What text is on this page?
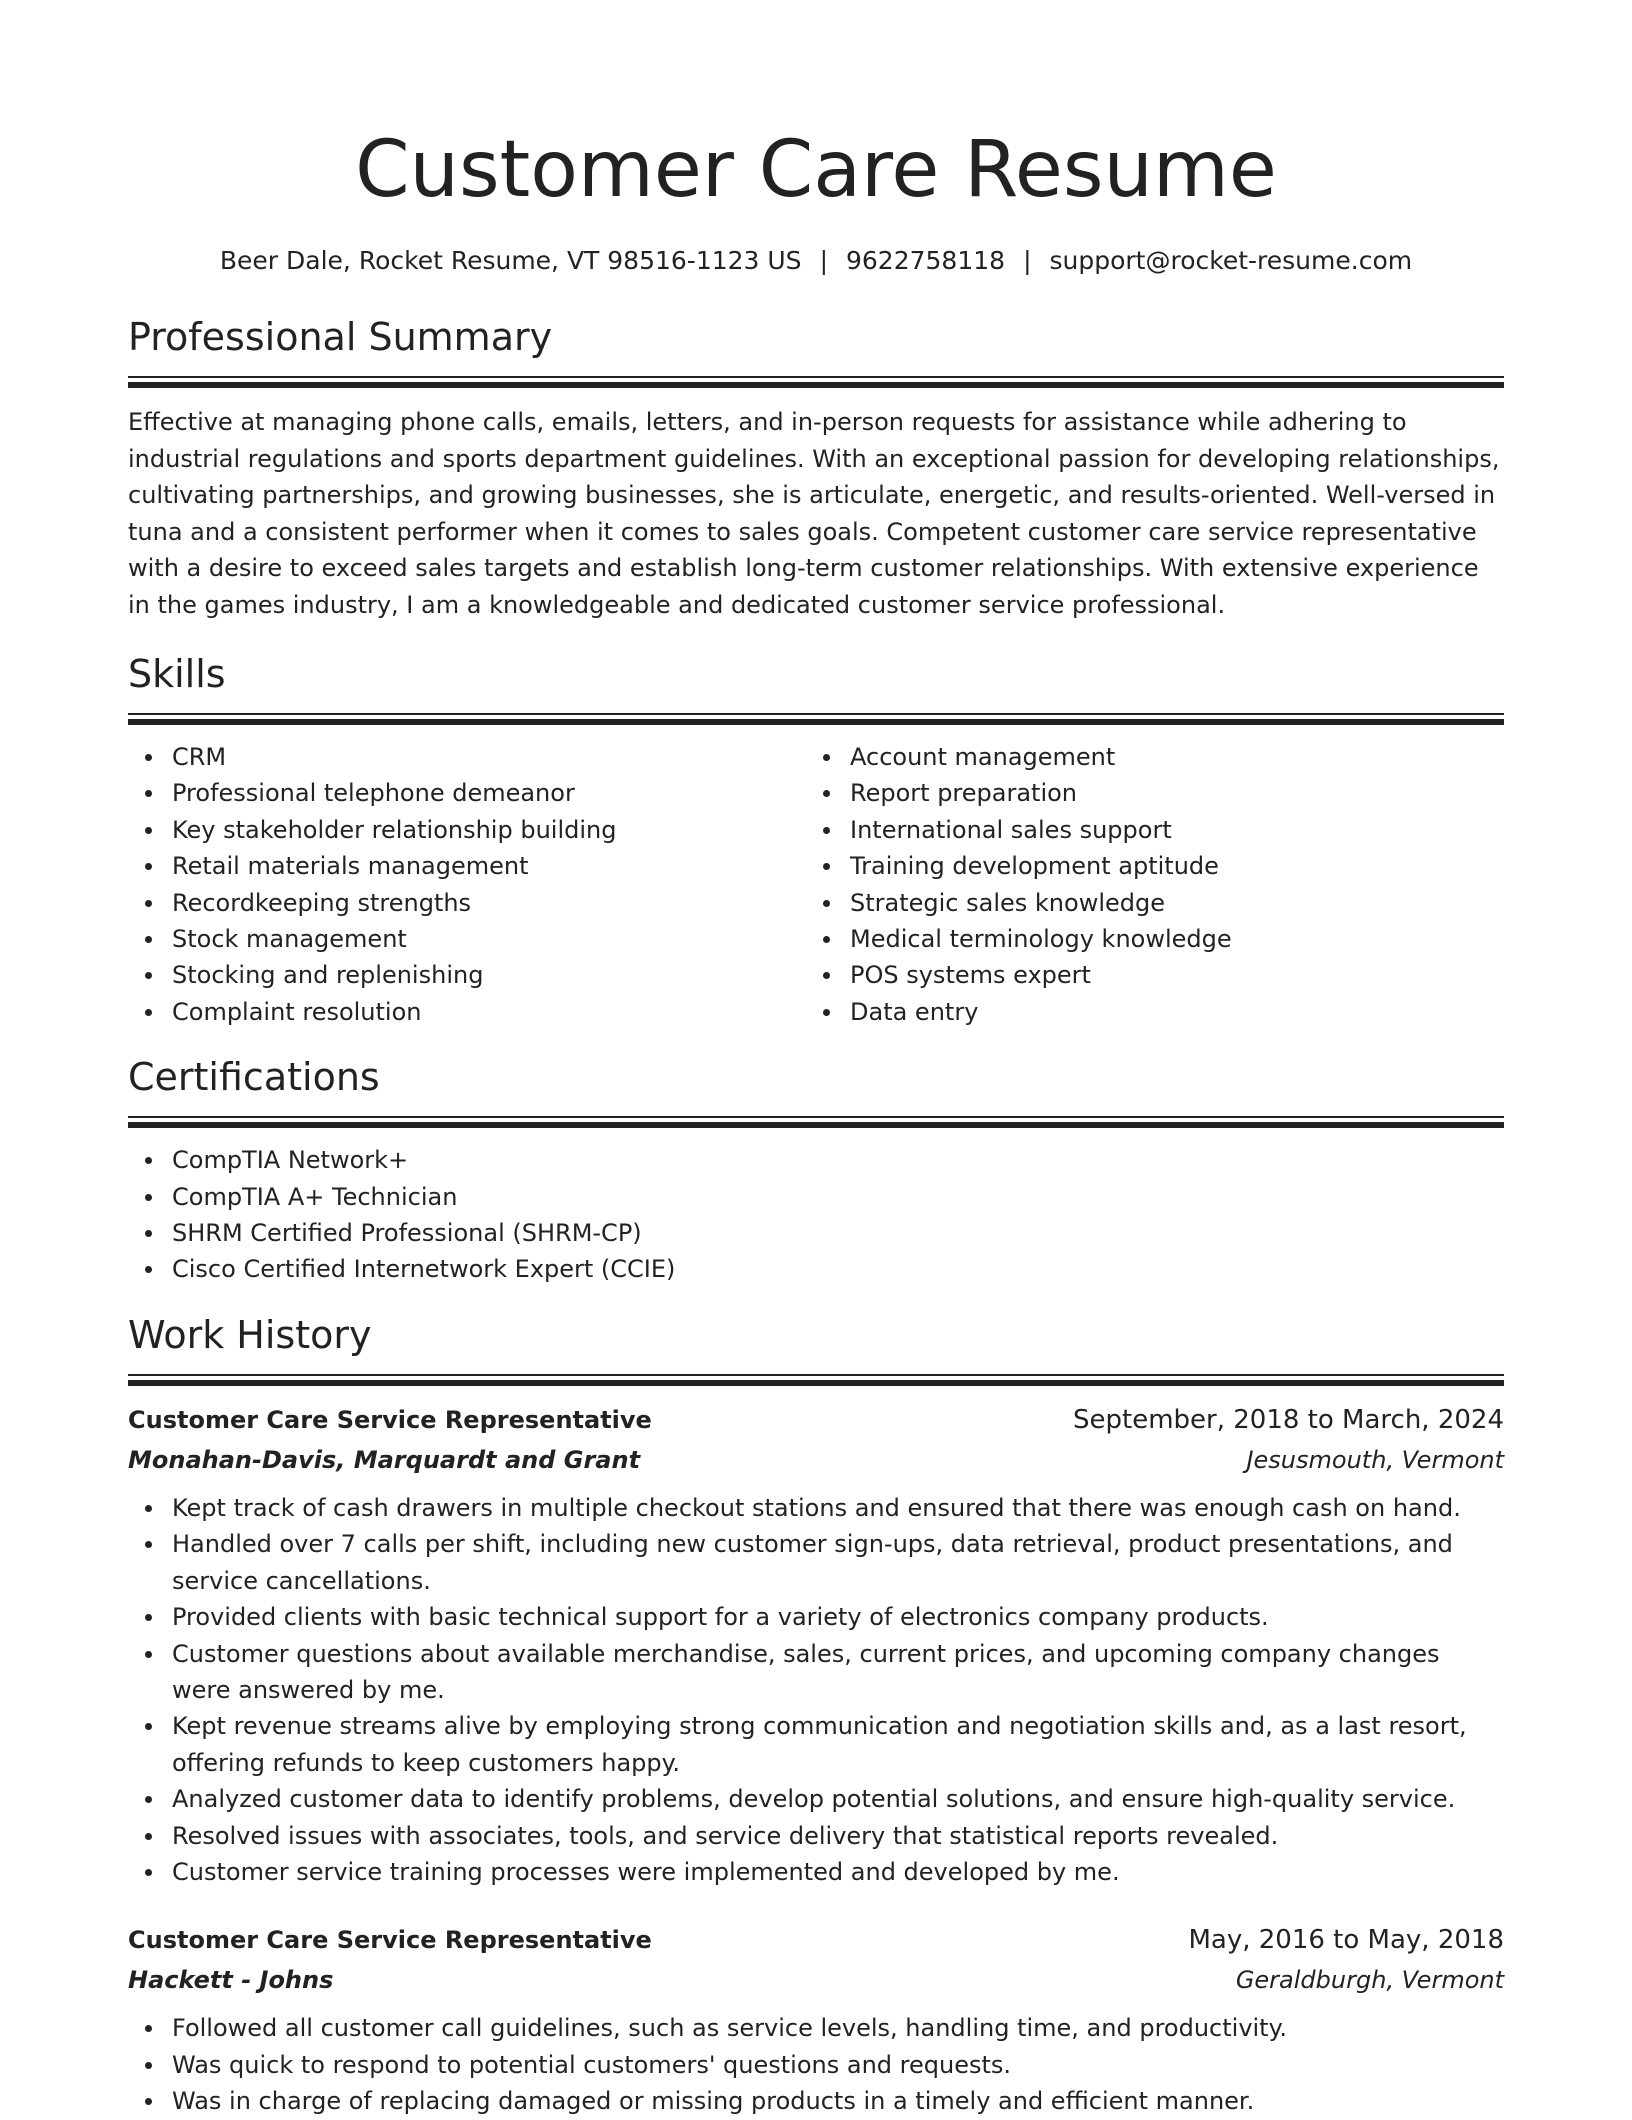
Customer Care Resume
Beer Dale, Rocket Resume, VT 98516-1123 US | 9622758118 | support@rocket-resume.com
Professional Summary

Effective at managing phone calls, emails, letters, and in-person requests for assistance while adhering to industrial regulations and sports department guidelines. With an exceptional passion for developing relationships, cultivating partnerships, and growing businesses, she is articulate, energetic, and results-oriented. Well-versed in tuna and a consistent performer when it comes to sales goals. Competent customer care service representative with a desire to exceed sales targets and establish long-term customer relationships. With extensive experience in the games industry, I am a knowledgeable and dedicated customer service professional.

Skills
CRM
Professional telephone demeanor
Key stakeholder relationship building
Retail materials management
Recordkeeping strengths
Stock management
Stocking and replenishing
Complaint resolution
Account management
Report preparation
International sales support
Training development aptitude
Strategic sales knowledge
Medical terminology knowledge
POS systems expert
Data entry
Certifications
CompTIA Network+
CompTIA A+ Technician
SHRM Certified Professional (SHRM-CP)
Cisco Certified Internetwork Expert (CCIE)
Work History
Customer Care Service Representative	September, 2018 to March, 2024
Monahan-Davis, Marquardt and Grant	Jesusmouth, Vermont
Kept track of cash drawers in multiple checkout stations and ensured that there was enough cash on hand.
Handled over 7 calls per shift, including new customer sign-ups, data retrieval, product presentations, and service cancellations.
Provided clients with basic technical support for a variety of electronics company products.
Customer questions about available merchandise, sales, current prices, and upcoming company changes were answered by me.
Kept revenue streams alive by employing strong communication and negotiation skills and, as a last resort, offering refunds to keep customers happy.
Analyzed customer data to identify problems, develop potential solutions, and ensure high-quality service.
Resolved issues with associates, tools, and service delivery that statistical reports revealed.
Customer service training processes were implemented and developed by me.
Customer Care Service Representative	May, 2016 to May, 2018
Hackett - Johns	Geraldburgh, Vermont
Followed all customer call guidelines, such as service levels, handling time, and productivity.
Was quick to respond to potential customers' questions and requests.
Was in charge of replacing damaged or missing products in a timely and efficient manner.
